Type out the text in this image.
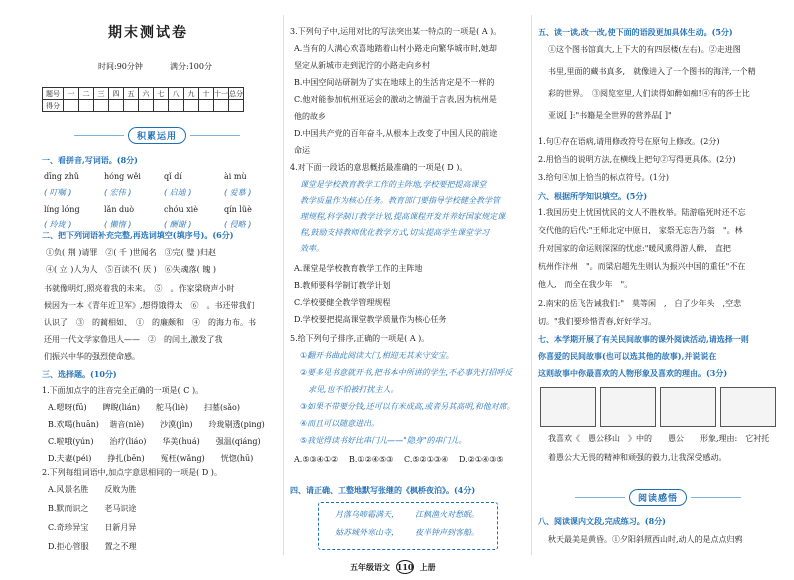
期末测试卷
时间:90分钟	满分:100分
题号	一	二	三	四	五	六	七	八	九	十	十一	总分
得分												
积累运用
一、看拼音,写词语。(8分)
dīng zhǔ	hóng wěi	qǐ dí	ài mù
( 叮嘱 )	( 宏伟 )	( 启迪 )	( 爱慕 )
líng lóng	lǎn duò	chóu xiè	qín lüè
( 玲珑 )	( 懒惰 )	( 酬谢 )	( 侵略 )
二、把下列词语补充完整,再选词填空(填序号)。(6分)
①负( 荆 )请罪　②( 千 )世闻名　③完( 璧 )归赵
④( 立 )人为人　⑤百读不( 厌 )　⑥失魂落( 魄 )
书就像明灯,照亮着我的未来。　⑤　。作家梁晓声小时
候因为一本《青年近卫军》,想得饿得太　⑥　。书还带我们
认识了　③　的蔺相如、　①　的廉颇和　④　的海力布。书
还用一代文学家鲁迅人——　②　的闰土,激发了我
们振兴中华的强烈使命感。
三、选择题。(10分)
1.下面加点字的注音完全正确的一项是( C )。
A.嗯呀(fū)　　睥睨(lián)　　舵马(liè)　　扫墓(sǎo)
B.欢喝(huān)　 谐音(niè)　　沙漠(jìn)　　玲珑剔透(ping)
C.啦哦(yún)　　治疗(liáo)　　华美(huá)　　强温(qiáng)
D.夫妻(péi)　　挣扎(bēn)　　冤枉(wǎng)　　恍惚(hū)
2.下列每组词语中,加点字意思相同的一项是( D )。
A.风景名胜　　反败为胜
B.默而识之　　老马识途
C.奇珍异宝　　日新月异
D.拒心管服　　置之不理
3.下列句子中,运用对比的写法突出某一特点的一项是( A )。
A.当有的人满心欢喜地踏着山村小路走向繁华城市时,她却
坚定从新城市走到泥泞的小路走向乡村
B.中国空间站研制为了实在地球上的生活肯定是不一样的
C.他对能参加杭州亚运会的激动之情溢于言表,因为杭州是
他的故乡
D.中国共产党的百年奋斗,从根本上改变了中国人民的前途
命运
4.对下面一段话的意思概括最准确的一项是( D )。
课堂是学校教育教学工作的主阵地,学校要把提高课堂
教学质量作为核心任务。教育部门要指导学校健全教学管
理规程,科学制订教学计划,提高课程开发并养好国家规定课
程,鼓励支持教师优化教学方式,切实提高学生课堂学习
效率。
A.课堂是学校教育教学工作的主阵地
B.教师要科学制订教学计划
C.学校要健全教学管理规程
D.学校要把提高课堂教学质量作为核心任务
5.给下列句子排序,正确的一项是( A )。
①翻开书曲此阅读大门,相迎无其来守安宝。
②要多见书意就开书,把书本中所讲的学生,不必事先打招呼反
　求见,也不怕被打扰主人。
③如果不带要分钱,还可以有米成高,或者另其高明,和他对席。
④而且可以随意进出。
⑤我觉得读书好比串门儿——"隐身"的串门儿。
A.⑤③④①② B.①②④⑤③ C.⑤②①③④ D.②①④③⑤
四、请正确、工整地默写张继的《枫桥夜泊》。(4分)
月落乌啼霜满天， 江枫渔火对愁眠。
姑苏城外寒山寺， 夜半钟声到客船。
五、读一读,改一改,使下面的语段更加具体生动。(5分)
①这个图书馆真大,上下大的有四层楼(左右)。②走进图
书里,里面的藏书真多,　就像进入了一个图书的海洋,一个精
彩的世界。　③阅览室里,人们读得如醉如痴!④有的莎士比
亚说[ ]:"书籍是全世界的营养品[ ]"
1.句①存在语病,请用修改符号在原句上修改。(2分)
2.用恰当的说明方法,在横线上把句②写得更具体。(2分)
3.给句④加上恰当的标点符号。(1分)
六、根据所学知识填空。(5分)
1.我国历史上忧国忧民的文人不胜枚举。陆游临死时还不忘
交代他的后代:"王师北定中原日,　家祭无忘告乃翁　"。林
升对国家的命运则深深的忧虑:"暖风熏得游人醉,　直把
杭州作汴州　"。而梁启超先生则认为振兴中国的重任"不在
他人,　而全在我少年　"。
2.南宋的岳飞告诫我们:"　莫等闲　,　白了少年头　,空悲
切。"我们要珍惜青春,好好学习。
七、本学期开展了有关民间故事的课外阅读活动,请选择一则
你喜爱的民间故事(也可以选其他的故事),并说说在
这则故事中你最喜欢的人物形象及喜欢的理由。(3分)
我喜欢《　愚公移山　》中的　　愚公　　形象,理由:　它衬托
着愚公大无畏的精神和顽强的毅力,让我深受感动。
阅读感悟
八、阅读课内文段,完成练习。(8分)
秋天最美是黄昏。①夕阳斜照西山时,动人的是点点归鸦
五年级语文 110 上册
